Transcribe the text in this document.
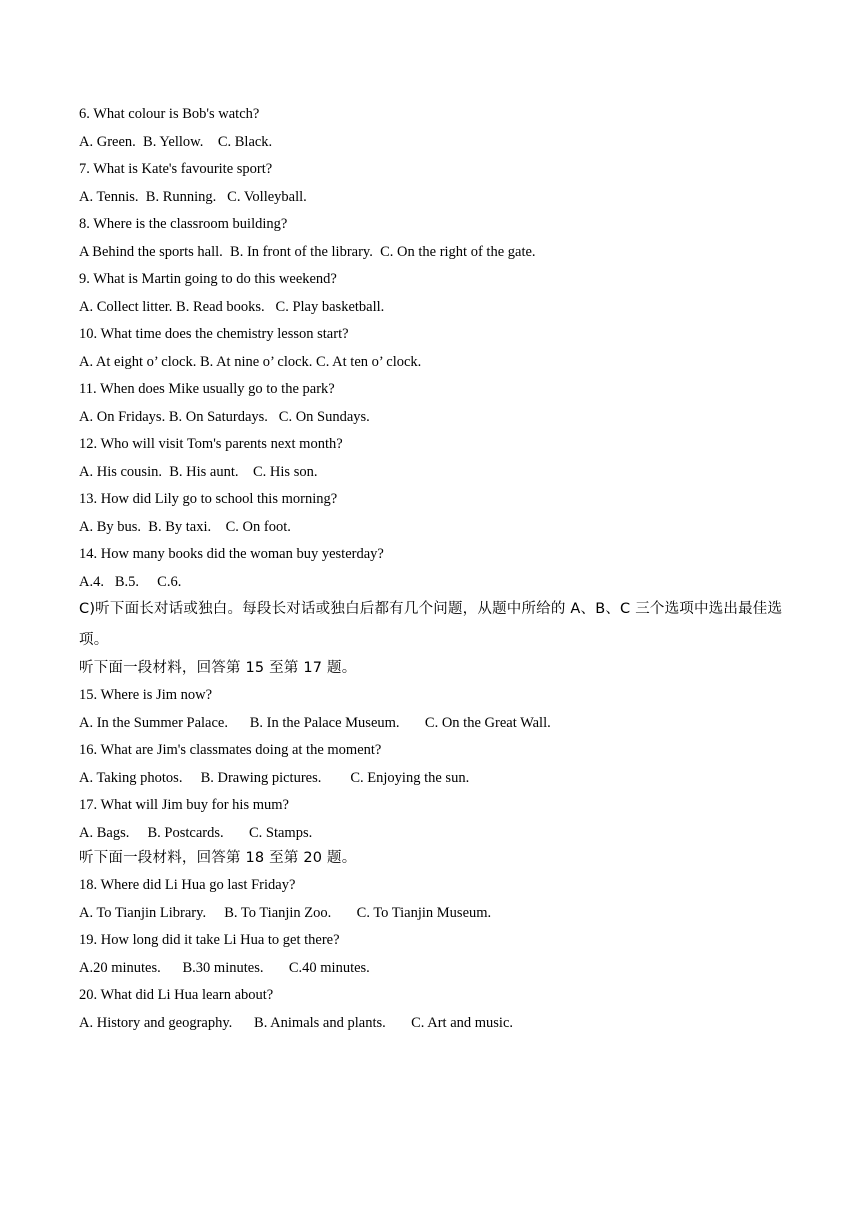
6. What colour is Bob's watch?
A. Green.  B. Yellow.    C. Black.
7. What is Kate's favourite sport?
A. Tennis.  B. Running.   C. Volleyball.
8. Where is the classroom building?
A Behind the sports hall.  B. In front of the library.  C. On the right of the gate.
9. What is Martin going to do this weekend?
A. Collect litter. B. Read books.   C. Play basketball.
10. What time does the chemistry lesson start?
A. At eight o’ clock. B. At nine o’ clock. C. At ten o’ clock.
11. When does Mike usually go to the park?
A. On Fridays. B. On Saturdays.   C. On Sundays.
12. Who will visit Tom's parents next month?
A. His cousin.  B. His aunt.    C. His son.
13. How did Lily go to school this morning?
A. By bus.  B. By taxi.    C. On foot.
14. How many books did the woman buy yesterday?
A.4.   B.5.     C.6.
C)听下面长对话或独白。每段长对话或独白后都有几个问题，从题中所给的 A、B、C 三个选项中选出最佳选项。
听下面一段材料，回答第 15 至第 17 题。
15. Where is Jim now?
A. In the Summer Palace.      B. In the Palace Museum.       C. On the Great Wall.
16. What are Jim's classmates doing at the moment?
A. Taking photos.     B. Drawing pictures.        C. Enjoying the sun.
17. What will Jim buy for his mum?
A. Bags.     B. Postcards.       C. Stamps.
听下面一段材料，回答第 18 至第 20 题。
18. Where did Li Hua go last Friday?
A. To Tianjin Library.     B. To Tianjin Zoo.       C. To Tianjin Museum.
19. How long did it take Li Hua to get there?
A.20 minutes.      B.30 minutes.       C.40 minutes.
20. What did Li Hua learn about?
A. History and geography.      B. Animals and plants.       C. Art and music.
